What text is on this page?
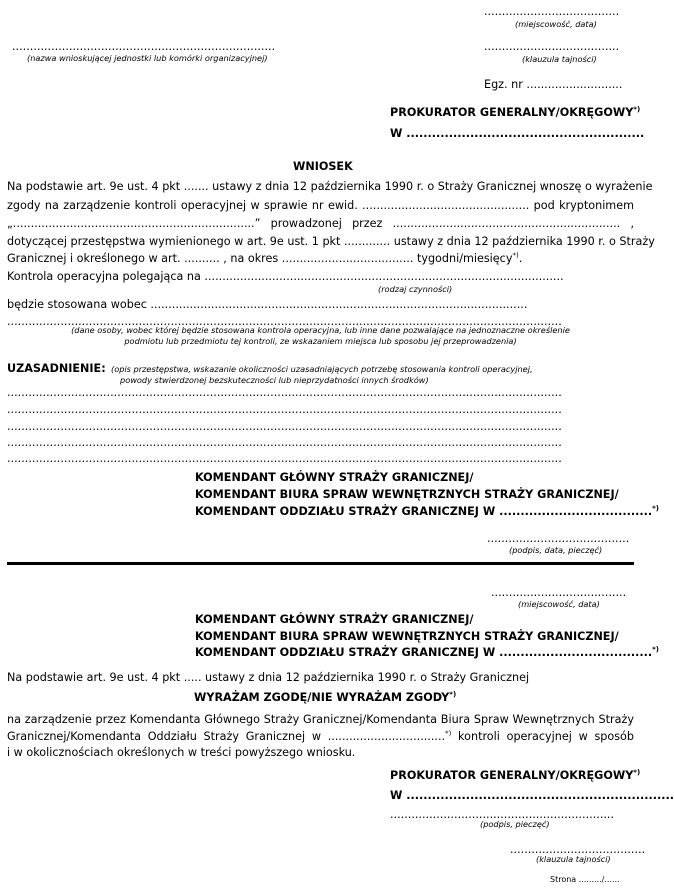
......................................
(miejscowość, data)
..........................................................................
(nazwa wnioskującej jednostki lub komórki organizacyjnej)
......................................
(klauzula tajności)
Egz. nr ...........................
PROKURATOR GENERALNY/OKRĘGOWY*)
W ........................................................
WNIOSEK
Na podstawie art. 9e ust. 4 pkt ....... ustawy z dnia 12 października 1990 r. o Straży Granicznej wnoszę o wyrażenie
zgody na zarządzenie kontroli operacyjnej w sprawie nr ewid. ............................................... pod kryptonimem
„....................................................................” prowadzonej przez ................................................................ ,
dotyczącej przestępstwa wymienionego w art. 9e ust. 1 pkt ............. ustawy z dnia 12 października 1990 r. o Straży
Granicznej i określonego w art. .......... , na okres ..................................... tygodni/miesięcy*).
Kontrola operacyjna polegająca na .....................................................................................................
(rodzaj czynności)
będzie stosowana wobec ..........................................................................................................
............................................................................................................................................................
(dane osoby, wobec której będzie stosowana kontrola operacyjna, lub inne dane pozwalające na jednoznaczne określenie
podmiotu lub przedmiotu tej kontroli, ze wskazaniem miejsca lub sposobu jej przeprowadzenia)
UZASADNIENIE: (opis przestępstwa, wskazanie okoliczności uzasadniających potrzebę stosowania kontroli operacyjnej,
powody stwierdzonej bezskuteczności lub nieprzydatności innych środków)
............................................................................................................................................................
............................................................................................................................................................
............................................................................................................................................................
............................................................................................................................................................
............................................................................................................................................................
KOMENDANT GŁÓWNY STRAŻY GRANICZNEJ/
KOMENDANT BIURA SPRAW WEWNĘTRZNYCH STRAŻY GRANICZNEJ/
KOMENDANT ODDZIAŁU STRAŻY GRANICZNEJ W ....................................*)
........................................
(podpis, data, pieczęć)
......................................
(miejscowość, data)
KOMENDANT GŁÓWNY STRAŻY GRANICZNEJ/
KOMENDANT BIURA SPRAW WEWNĘTRZNYCH STRAŻY GRANICZNEJ/
KOMENDANT ODDZIAŁU STRAŻY GRANICZNEJ W ....................................*)
Na podstawie art. 9e ust. 4 pkt ..... ustawy z dnia 12 października 1990 r. o Straży Granicznej
WYRAŻAM ZGODĘ/NIE WYRAŻAM ZGODY*)
na zarządzenie przez Komendanta Głównego Straży Granicznej/Komendanta Biura Spraw Wewnętrznych Straży
Granicznej/Komendanta Oddziału Straży Granicznej w .................................*) kontroli operacyjnej w sposób
i w okolicznościach określonych w treści powyższego wniosku.
PROKURATOR GENERALNY/OKRĘGOWY*)
W ...............................................................
...............................................................
(podpis, pieczęć)
......................................
(klauzula tajności)
Strona ........./......
